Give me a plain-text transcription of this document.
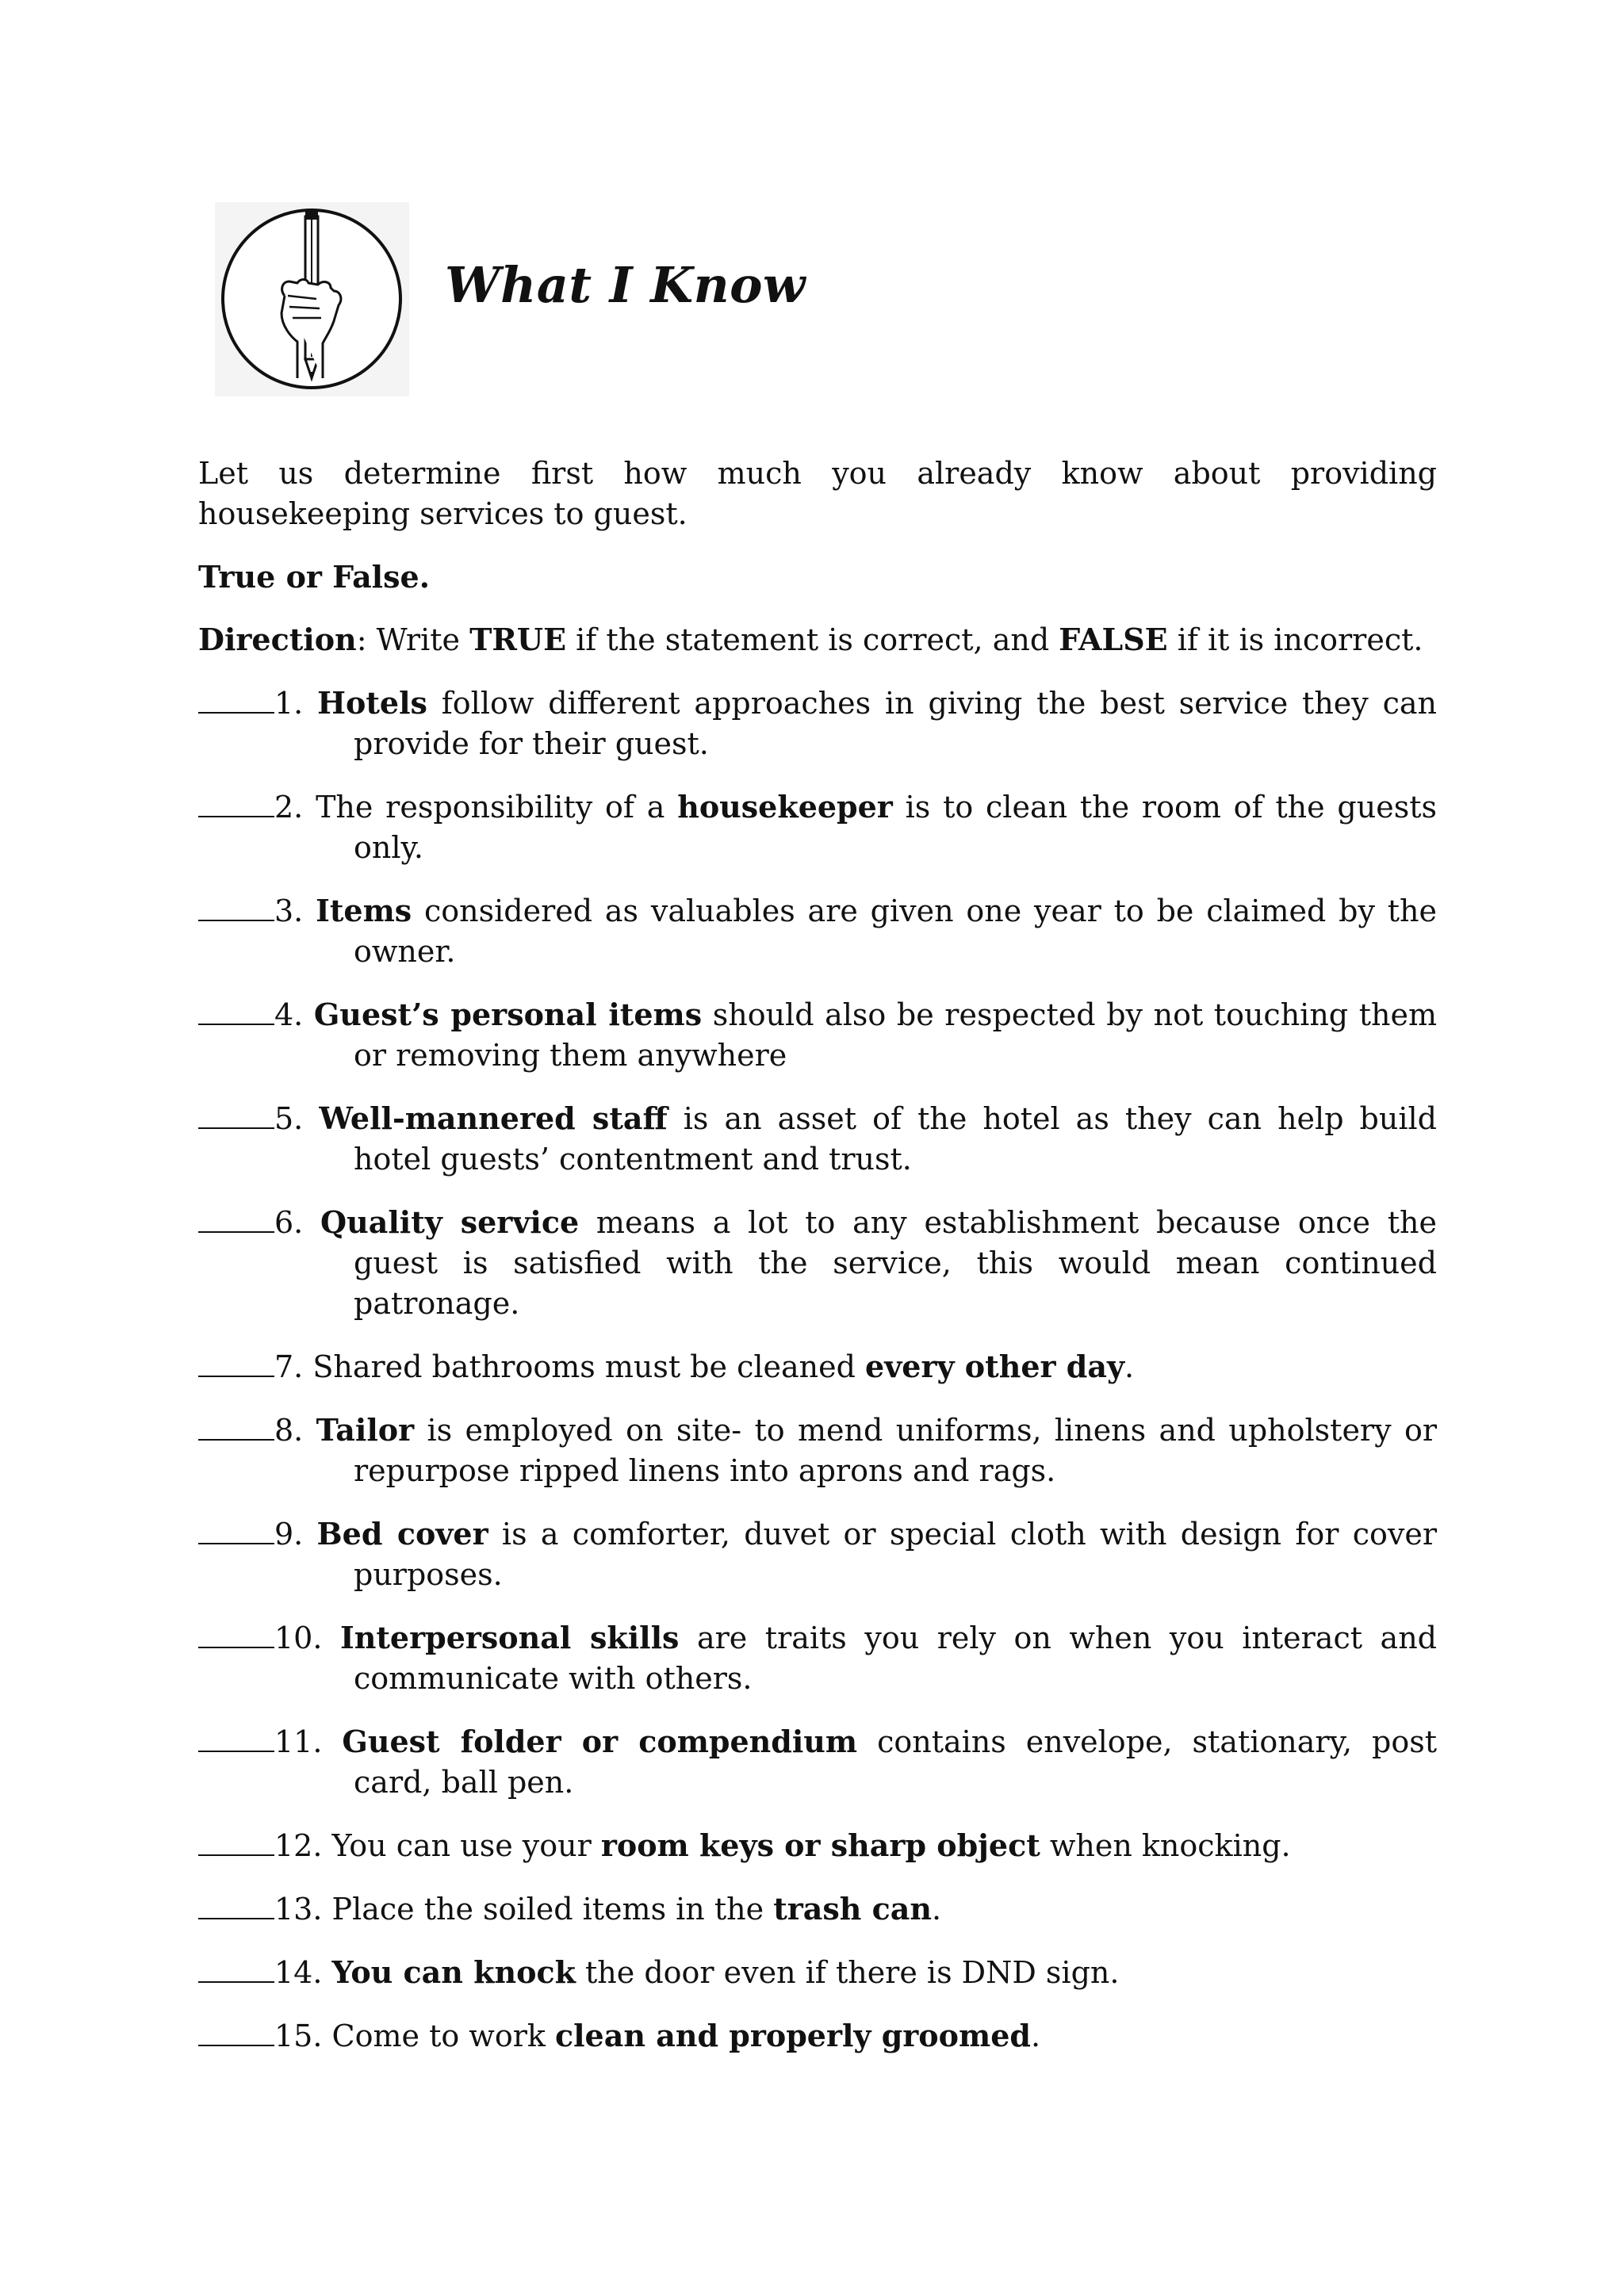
What I Know

Let us determine first how much you already know about providing housekeeping services to guest.

True or False.

Direction: Write TRUE if the statement is correct, and FALSE if it is incorrect.

1. Hotels follow different approaches in giving the best service they can provide for their guest.

2. The responsibility of a housekeeper is to clean the room of the guests only.

3. Items considered as valuables are given one year to be claimed by the owner.

4. Guest’s personal items should also be respected by not touching them or removing them anywhere

5. Well-mannered staff is an asset of the hotel as they can help build hotel guests’ contentment and trust.

6. Quality service means a lot to any establishment because once the guest is satisfied with the service, this would mean continued patronage.

7. Shared bathrooms must be cleaned every other day.

8. Tailor is employed on site- to mend uniforms, linens and upholstery or repurpose ripped linens into aprons and rags.

9. Bed cover is a comforter, duvet or special cloth with design for cover purposes.

10. Interpersonal skills are traits you rely on when you interact and communicate with others.

11. Guest folder or compendium contains envelope, stationary, post card, ball pen.

12. You can use your room keys or sharp object when knocking.

13. Place the soiled items in the trash can.

14. You can knock the door even if there is DND sign.

15. Come to work clean and properly groomed.
